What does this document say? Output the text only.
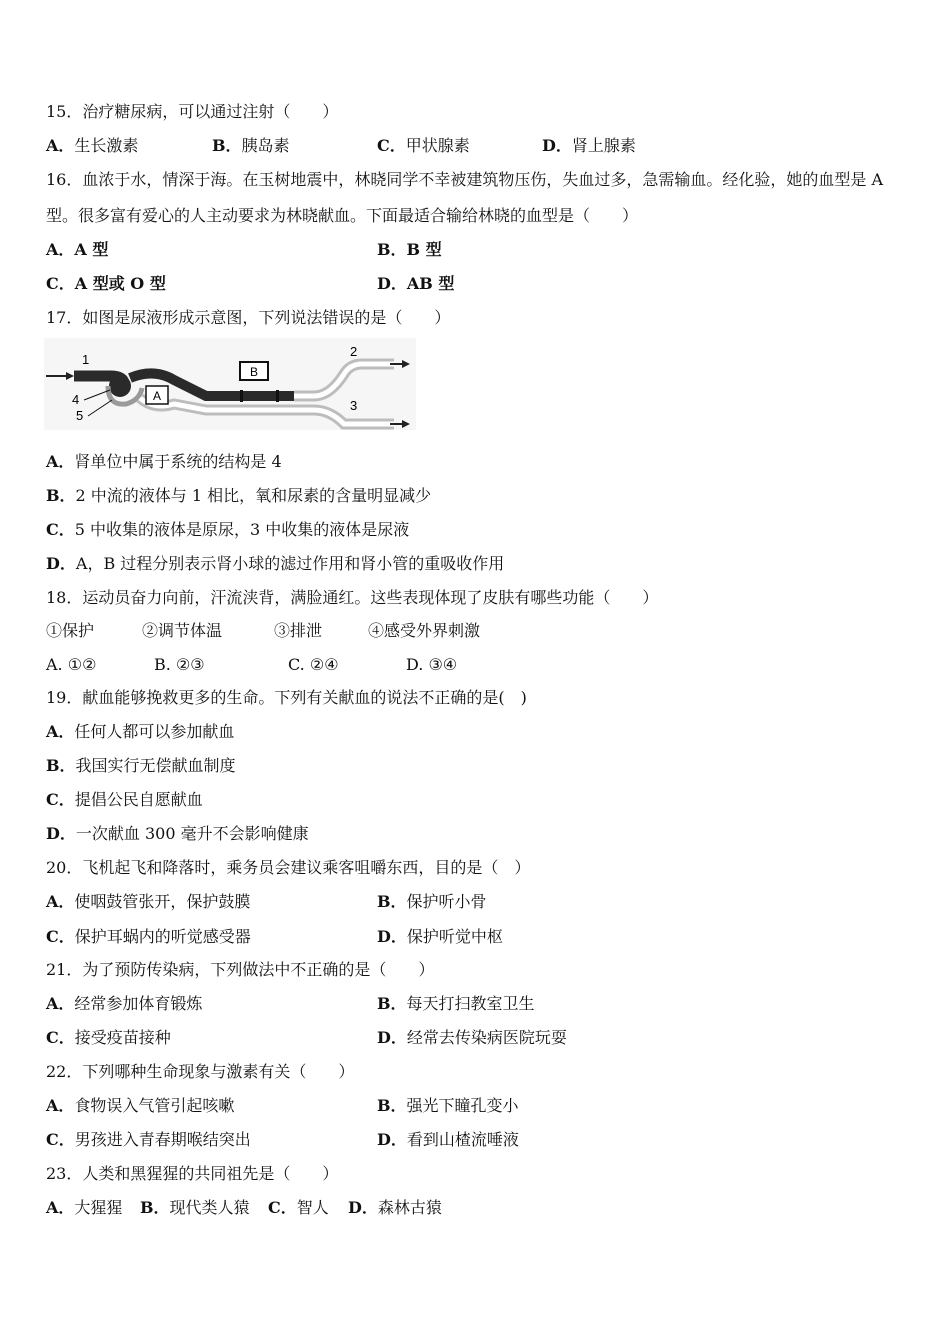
15．治疗糖尿病，可以通过注射（　　）
A．生长激素	B．胰岛素	C．甲状腺素	D．肾上腺素
16．血浓于水，情深于海。在玉树地震中，林晓同学不幸被建筑物压伤，失血过多，急需输血。经化验，她的血型是 A
型。很多富有爱心的人主动要求为林晓献血。下面最适合输给林晓的血型是（　　）
A．A 型	B．B 型
C．A 型或 O 型	D．AB 型
17．如图是尿液形成示意图，下列说法错误的是（　　）
A
B
1
2
3
4
5
A．肾单位中属于系统的结构是 4
B．2 中流的液体与 1 相比，氧和尿素的含量明显减少
C．5 中收集的液体是原尿，3 中收集的液体是尿液
D．A，B 过程分别表示肾小球的滤过作用和肾小管的重吸收作用
18．运动员奋力向前，汗流浃背，满脸通红。这些表现体现了皮肤有哪些功能（　　）
①保护	②调节体温	③排泄	④感受外界刺激
A. ①②	B. ②③	C. ②④	D. ③④
19．献血能够挽救更多的生命。下列有关献血的说法不正确的是(　)
A．任何人都可以参加献血
B．我国实行无偿献血制度
C．提倡公民自愿献血
D．一次献血 300 毫升不会影响健康
20．飞机起飞和降落时，乘务员会建议乘客咀嚼东西，目的是（　）
A．使咽鼓管张开，保护鼓膜	B．保护听小骨
C．保护耳蜗内的听觉感受器	D．保护听觉中枢
21．为了预防传染病，下列做法中不正确的是（　　）
A．经常参加体育锻炼	B．每天打扫教室卫生
C．接受疫苗接种	D．经常去传染病医院玩耍
22．下列哪种生命现象与激素有关（　　）
A．食物误入气管引起咳嗽	B．强光下瞳孔变小
C．男孩进入青春期喉结突出	D．看到山楂流唾液
23．人类和黑猩猩的共同祖先是（　　）
A．大猩猩 B．现代类人猿 C．智人 D．森林古猿
